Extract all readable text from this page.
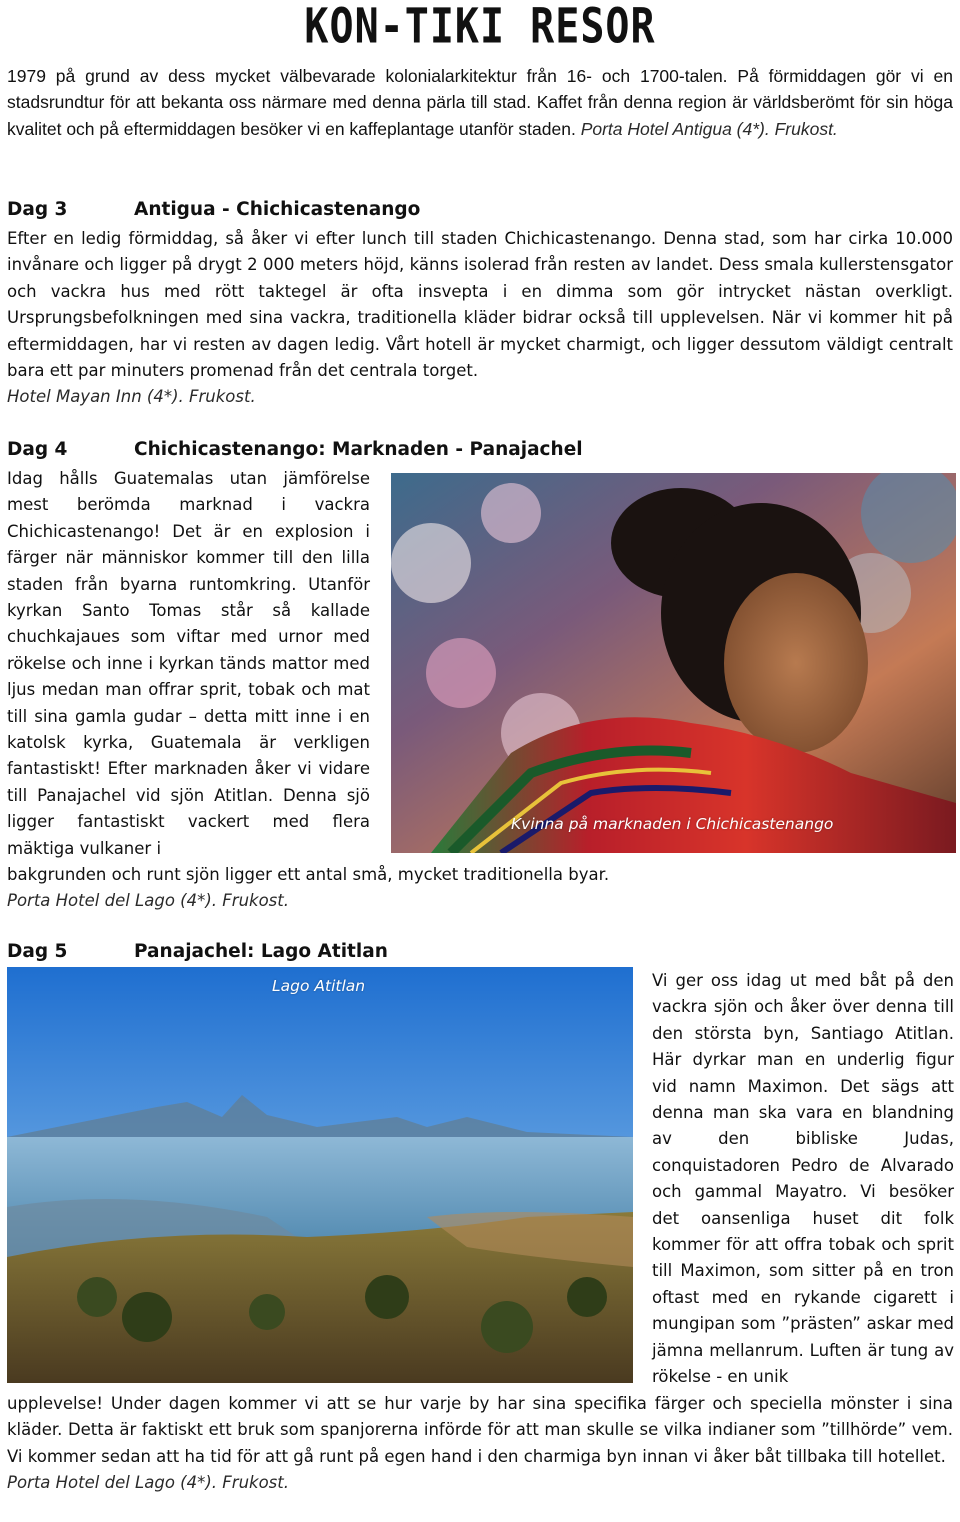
KON-TIKI RESOR
1979 på grund av dess mycket välbevarade kolonialarkitektur från 16- och 1700-talen. På förmiddagen gör vi en stadsrundtur för att bekanta oss närmare med denna pärla till stad. Kaffet från denna region är världsberömt för sin höga kvalitet och på eftermiddagen besöker vi en kaffeplantage utanför staden. Porta Hotel Antigua (4*). Frukost.
Dag 3	Antigua - Chichicastenango
Efter en ledig förmiddag, så åker vi efter lunch till staden Chichicastenango. Denna stad, som har cirka 10.000 invånare och ligger på drygt 2 000 meters höjd, känns isolerad från resten av landet. Dess smala kullerstensgator och vackra hus med rött taktegel är ofta insvepta i en dimma som gör intrycket nästan overkligt. Ursprungsbefolkningen med sina vackra, traditionella kläder bidrar också till upplevelsen. När vi kommer hit på eftermiddagen, har vi resten av dagen ledig. Vårt hotell är mycket charmigt, och ligger dessutom väldigt centralt bara ett par minuters promenad från det centrala torget.
Hotel Mayan Inn (4*). Frukost.
Dag 4	Chichicastenango: Marknaden - Panajachel
Idag hålls Guatemalas utan jämförelse mest berömda marknad i vackra Chichicastenango! Det är en explosion i färger när människor kommer till den lilla staden från byarna runtomkring. Utanför kyrkan Santo Tomas står så kallade chuchkajaues som viftar med urnor med rökelse och inne i kyrkan tänds mattor med ljus medan man offrar sprit, tobak och mat till sina gamla gudar – detta mitt inne i en katolsk kyrka, Guatemala är verkligen fantastiskt! Efter marknaden åker vi vidare till Panajachel vid sjön Atitlan. Denna sjö ligger fantastiskt vackert med flera mäktiga vulkaner i
Kvinna på marknaden i Chichicastenango
bakgrunden och runt sjön ligger ett antal små, mycket traditionella byar.
Porta Hotel del Lago (4*). Frukost.
Dag 5	Panajachel: Lago Atitlan
Lago Atitlan	Vi ger oss idag ut med båt på den vackra sjön och åker över denna till den största byn, Santiago Atitlan. Här dyrkar man en underlig figur vid namn Maximon. Det sägs att denna man ska vara en blandning av den bibliske Judas, conquistadoren Pedro de Alvarado och gammal Mayatro. Vi besöker det oansenliga huset dit folk kommer för att offra tobak och sprit till Maximon, som sitter på en tron oftast med en rykande cigarett i mungipan som ”prästen” askar med jämna mellanrum. Luften är tung av rökelse - en unik
upplevelse! Under dagen kommer vi att se hur varje by har sina specifika färger och speciella mönster i sina kläder. Detta är faktiskt ett bruk som spanjorerna införde för att man skulle se vilka indianer som ”tillhörde” vem. Vi kommer sedan att ha tid för att gå runt på egen hand i den charmiga byn innan vi åker båt tillbaka till hotellet.
Porta Hotel del Lago (4*). Frukost.
